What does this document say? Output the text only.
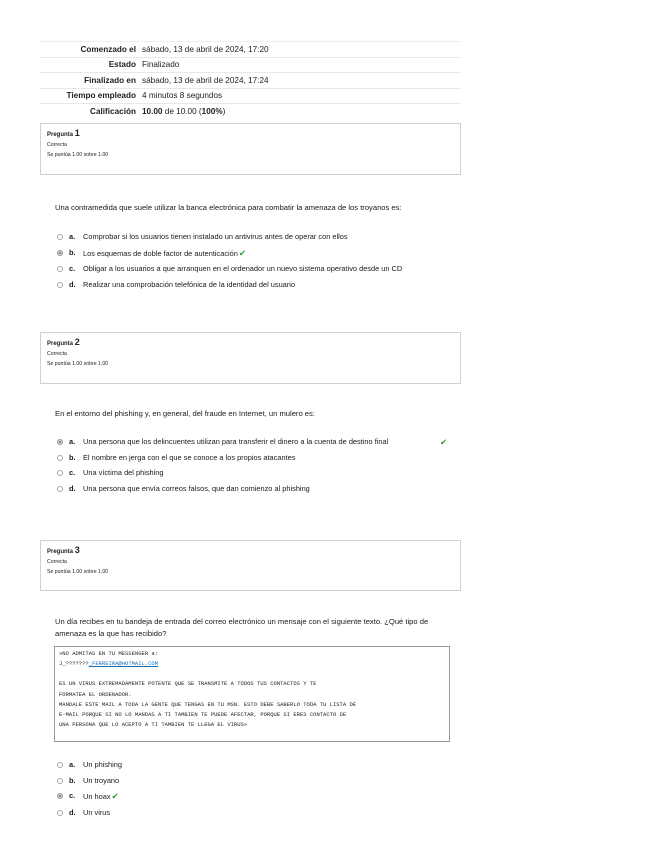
Comenzado el	sábado, 13 de abril de 2024, 17:20
Estado	Finalizado
Finalizado en	sábado, 13 de abril de 2024, 17:24
Tiempo empleado	4 minutos 8 segundos
Calificación	10.00 de 10.00 (100%)
Pregunta 1
Correcta
Se puntúa 1.00 sobre 1.00
Una contramedida que suele utilizar la banca electrónica para combatir la amenaza de los troyanos es:
a.	Comprobar si los usuarios tienen instalado un antivirus antes de operar con ellos
b.	Los esquemas de doble factor de autenticación✔
c.	Obligar a los usuarios a que arranquen en el ordenador un nuevo sistema operativo desde un CD
d.	Realizar una comprobación telefónica de la identidad del usuario
Pregunta 2
Correcta
Se puntúa 1.00 sobre 1.00
En el entorno del phishing y, en general, del fraude en Internet, un mulero es:
a.	Una persona que los delincuentes utilizan para transferir el dinero a la cuenta de destino final	✔
b.	El nombre en jerga con el que se conoce a los propios atacantes
c.	Una víctima del phishing
d.	Una persona que envía correos falsos, que dan comienzo al phishing
Pregunta 3
Correcta
Se puntúa 1.00 sobre 1.00
Un día recibes en tu bandeja de entrada del correo electrónico un mensaje con el siguiente texto. ¿Qué tipo de amenaza es la que has recibido?
»NO ADMITAS EN TU MESSENGER a:
J_???????_FERREIRA@HOTMAIL.COM
ES UN VIRUS EXTREMADAMENTE POTENTE QUE SE TRANSMITE A TODOS TUS CONTACTOS Y TE
FORMATEA EL ORDENADOR.
MANDALE ESTE MAIL A TODA LA GENTE QUE TENGAS EN TU MSN. ESTO DEBE SABERLO TODA TU LISTA DE
E-MAIL PORQUE SI NO LO MANDAS A TI TAMBIEN TE PUEDE AFECTAR, PORQUE SI ERES CONTACTO DE
UNA PERSONA QUE LO ACEPTO A TI TAMBIEN TE LLEGA EL VIRUS»
a.	Un phishing
b.	Un troyano
c.	Un hoax✔
d.	Un virus
